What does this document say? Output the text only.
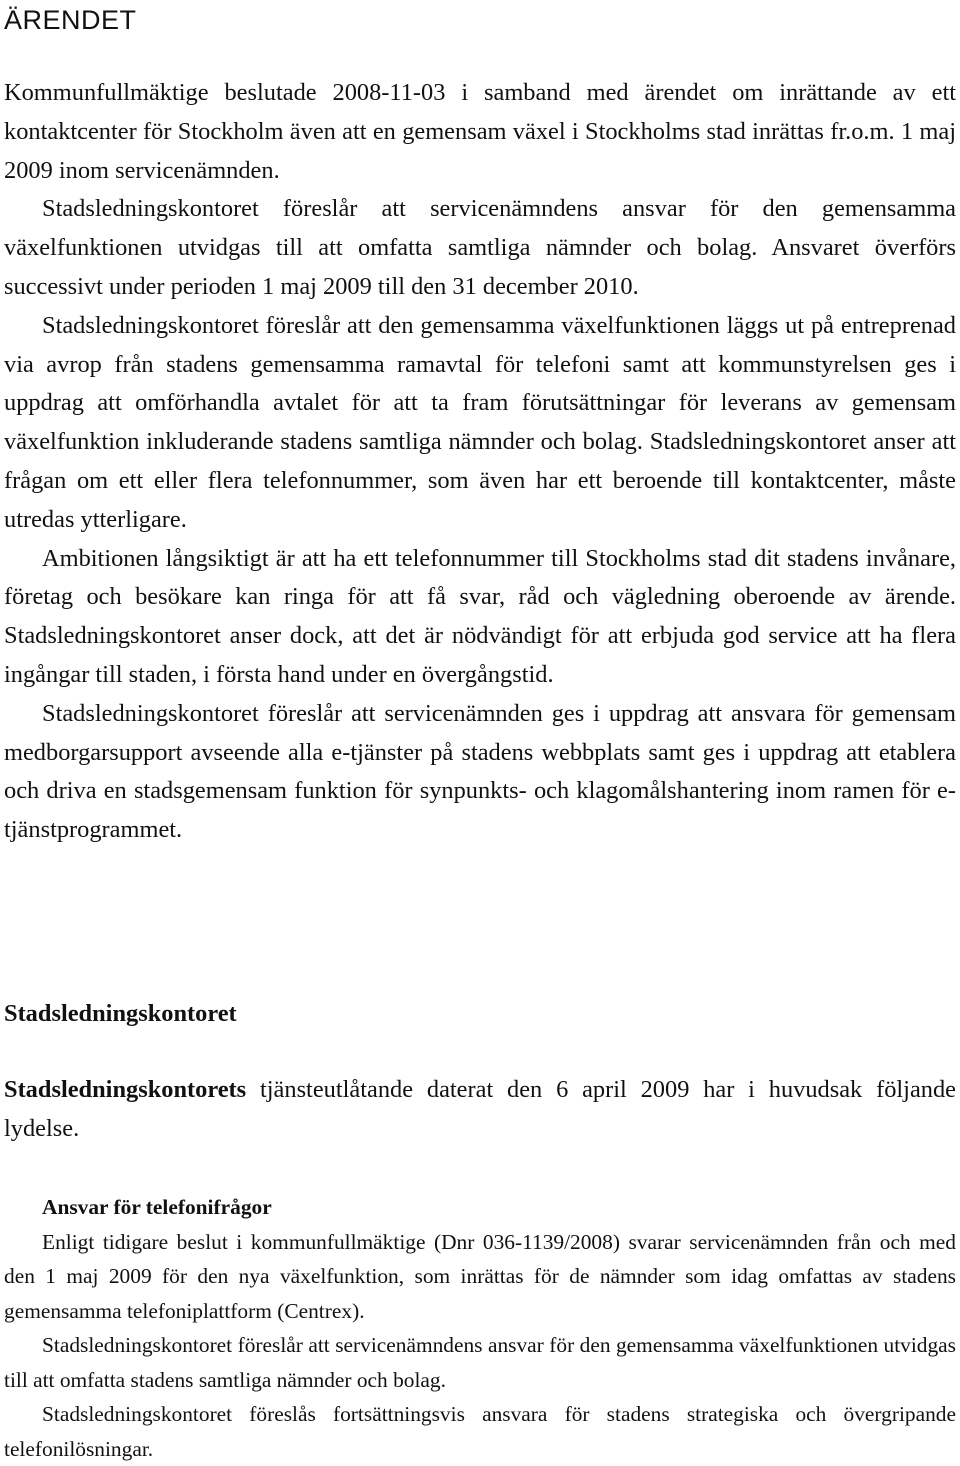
ÄRENDET

Kommunfullmäktige beslutade 2008-11-03 i samband med ärendet om inrättande av ett kontaktcenter för Stockholm även att en gemensam växel i Stockholms stad inrättas fr.o.m. 1 maj 2009 inom servicenämnden.

Stadsledningskontoret föreslår att servicenämndens ansvar för den gemensamma växelfunktionen utvidgas till att omfatta samtliga nämnder och bolag. Ansvaret överförs successivt under perioden 1 maj 2009 till den 31 december 2010.

Stadsledningskontoret föreslår att den gemensamma växelfunktionen läggs ut på entreprenad via avrop från stadens gemensamma ramavtal för telefoni samt att kommunstyrelsen ges i uppdrag att omförhandla avtalet för att ta fram förutsättningar för leverans av gemensam växelfunktion inkluderande stadens samtliga nämnder och bolag. Stadsledningskontoret anser att frågan om ett eller flera telefonnummer, som även har ett beroende till kontaktcenter, måste utredas ytterligare.

Ambitionen långsiktigt är att ha ett telefonnummer till Stockholms stad dit stadens invånare, företag och besökare kan ringa för att få svar, råd och vägledning oberoende av ärende. Stadsledningskontoret anser dock, att det är nödvändigt för att erbjuda god service att ha flera ingångar till staden, i första hand under en övergångstid.

Stadsledningskontoret föreslår att servicenämnden ges i uppdrag att ansvara för gemensam medborgarsupport avseende alla e-tjänster på stadens webbplats samt ges i uppdrag att etablera och driva en stadsgemensam funktion för synpunkts- och klagomålshantering inom ramen för e-tjänstprogrammet.

Stadsledningskontoret

Stadsledningskontorets tjänsteutlåtande daterat den 6 april 2009 har i huvudsak följande lydelse.

Ansvar för telefonifrågor

Enligt tidigare beslut i kommunfullmäktige (Dnr 036-1139/2008) svarar servicenämnden från och med den 1 maj 2009 för den nya växelfunktion, som inrättas för de nämnder som idag omfattas av stadens gemensamma telefoniplattform (Centrex).

Stadsledningskontoret föreslår att servicenämndens ansvar för den gemensamma växelfunktionen utvidgas till att omfatta stadens samtliga nämnder och bolag.

Stadsledningskontoret föreslås fortsättningsvis ansvara för stadens strategiska och övergripande telefonilösningar.
